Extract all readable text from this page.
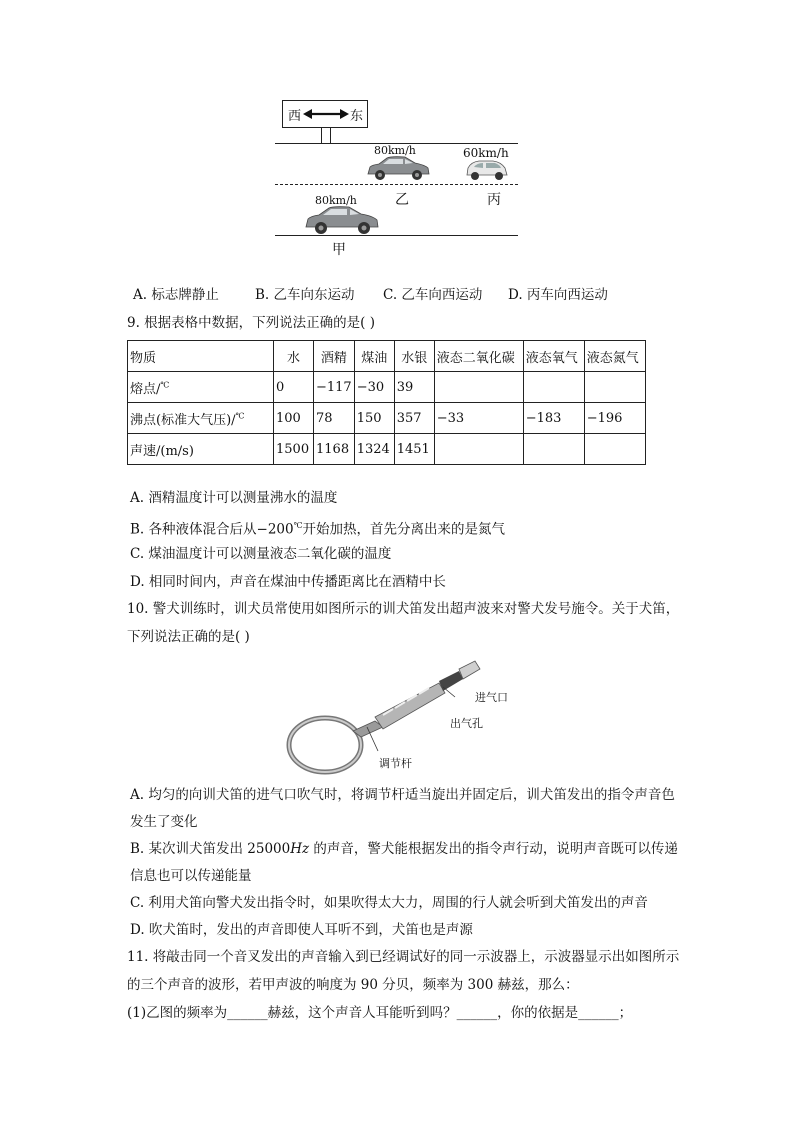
西	东
80km/h
乙
60km/h
丙
80km/h
甲
A. 标志牌静止	B. 乙车向东运动 C. 乙车向西运动 D. 丙车向西运动
9. 根据表格中数据，下列说法正确的是( )
物质	水	酒精	煤油	水银	液态二氧化碳	液态氧气	液态氮气
熔点/℃	0	−117	−30	39			
沸点(标准大气压)/℃	100	78	150	357	−33	−183	−196
声速/(m/s)	1500	1168	1324	1451			
A. 酒精温度计可以测量沸水的温度
B. 各种液体混合后从−200℃开始加热，首先分离出来的是氮气
C. 煤油温度计可以测量液态二氧化碳的温度
D. 相同时间内，声音在煤油中传播距离比在酒精中长
10. 警犬训练时，训犬员常使用如图所示的训犬笛发出超声波来对警犬发号施令。关于犬笛，
下列说法正确的是( )
进气口
出气孔
调节杆
A. 均匀的向训犬笛的进气口吹气时，将调节杆适当旋出并固定后，训犬笛发出的指令声音色
发生了变化
B. 某次训犬笛发出 25000Hz 的声音，警犬能根据发出的指令声行动，说明声音既可以传递
信息也可以传递能量
C. 利用犬笛向警犬发出指令时，如果吹得太大力，周围的行人就会听到犬笛发出的声音
D. 吹犬笛时，发出的声音即使人耳听不到，犬笛也是声源
11. 将敲击同一个音叉发出的声音输入到已经调试好的同一示波器上，示波器显示出如图所示
的三个声音的波形，若甲声波的响度为 90 分贝，频率为 300 赫兹，那么：
(1)乙图的频率为______赫兹，这个声音人耳能听到吗？______，你的依据是______；
